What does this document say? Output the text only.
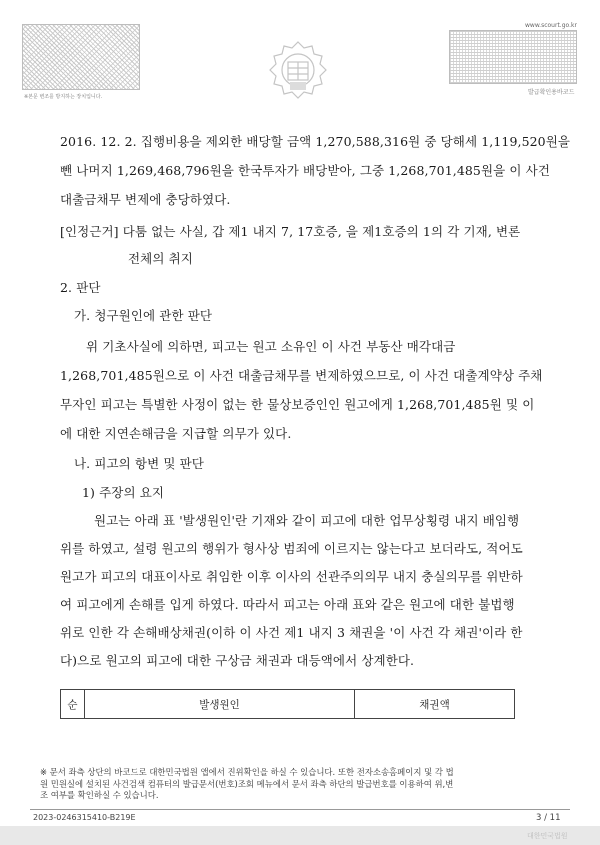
※본문 변조를 방지하는 장치입니다.
www.scourt.go.kr
발급확인용바코드
2016. 12. 2. 집행비용을 제외한 배당할 금액 1,270,588,316원 중 당해세 1,119,520원을
뺀 나머지 1,269,468,796원을 한국투자가 배당받아, 그중 1,268,701,485원을 이 사건
대출금채무 변제에 충당하였다.
[인정근거] 다툼 없는 사실, 갑 제1 내지 7, 17호증, 을 제1호증의 1의 각 기재, 변론
전체의 취지
2. 판단
가. 청구원인에 관한 판단
위 기초사실에 의하면, 피고는 원고 소유인 이 사건 부동산 매각대금
1,268,701,485원으로 이 사건 대출금채무를 변제하였으므로, 이 사건 대출계약상 주채
무자인 피고는 특별한 사정이 없는 한 물상보증인인 원고에게 1,268,701,485원 및 이
에 대한 지연손해금을 지급할 의무가 있다.
나. 피고의 항변 및 판단
1) 주장의 요지
원고는 아래 표 '발생원인'란 기재와 같이 피고에 대한 업무상횡령 내지 배임행
위를 하였고, 설령 원고의 행위가 형사상 범죄에 이르지는 않는다고 보더라도, 적어도
원고가 피고의 대표이사로 취임한 이후 이사의 선관주의의무 내지 충실의무를 위반하
여 피고에게 손해를 입게 하였다. 따라서 피고는 아래 표와 같은 원고에 대한 불법행
위로 인한 각 손해배상채권(이하 이 사건 제1 내지 3 채권을 '이 사건 각 채권'이라 한
다)으로 원고의 피고에 대한 구상금 채권과 대등액에서 상계한다.
순	발생원인	채권액
※ 문서 좌측 상단의 바코드로 대한민국법원 앱에서 진위확인을 하실 수 있습니다. 또한 전자소송홈페이지 및 각 법
원 민원실에 설치된 사건검색 컴퓨터의 발급문서(번호)조회 메뉴에서 문서 좌측 하단의 발급번호를 이용하여 위,변
조 여부를 확인하실 수 있습니다.
2023-0246315410-B219E	3 / 11
대한민국법원
